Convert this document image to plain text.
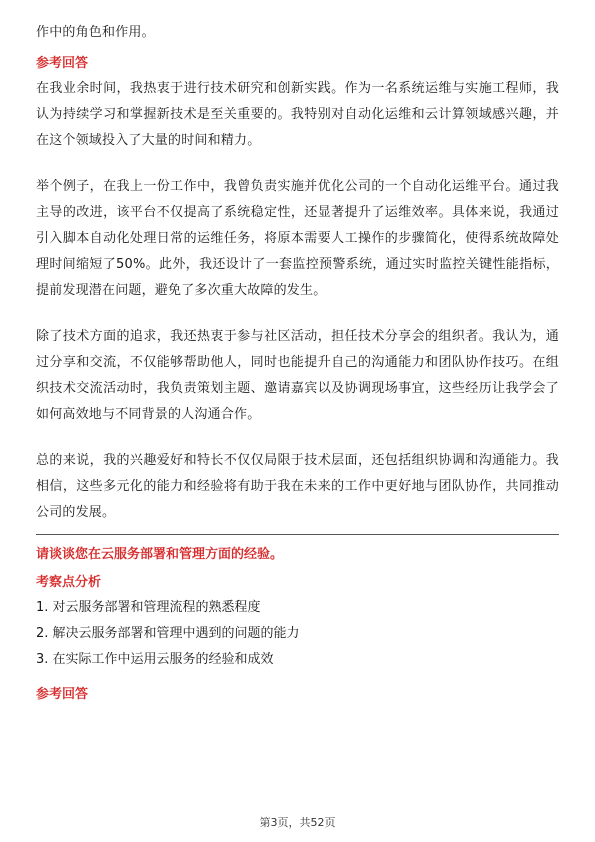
作中的角色和作用。

参考回答

在我业余时间，我热衷于进行技术研究和创新实践。作为一名系统运维与实施工程师，我认为持续学习和掌握新技术是至关重要的。我特别对自动化运维和云计算领域感兴趣，并在这个领域投入了大量的时间和精力。

举个例子，在我上一份工作中，我曾负责实施并优化公司的一个自动化运维平台。通过我主导的改进，该平台不仅提高了系统稳定性，还显著提升了运维效率。具体来说，我通过引入脚本自动化处理日常的运维任务，将原本需要人工操作的步骤简化，使得系统故障处理时间缩短了50%。此外，我还设计了一套监控预警系统，通过实时监控关键性能指标，提前发现潜在问题，避免了多次重大故障的发生。

除了技术方面的追求，我还热衷于参与社区活动，担任技术分享会的组织者。我认为，通过分享和交流，不仅能够帮助他人，同时也能提升自己的沟通能力和团队协作技巧。在组织技术交流活动时，我负责策划主题、邀请嘉宾以及协调现场事宜，这些经历让我学会了如何高效地与不同背景的人沟通合作。

总的来说，我的兴趣爱好和特长不仅仅局限于技术层面，还包括组织协调和沟通能力。我相信，这些多元化的能力和经验将有助于我在未来的工作中更好地与团队协作，共同推动公司的发展。

请谈谈您在云服务部署和管理方面的经验。

考察点分析

1. 对云服务部署和管理流程的熟悉程度
2. 解决云服务部署和管理中遇到的问题的能力
3. 在实际工作中运用云服务的经验和成效

参考回答

第3页，共52页
